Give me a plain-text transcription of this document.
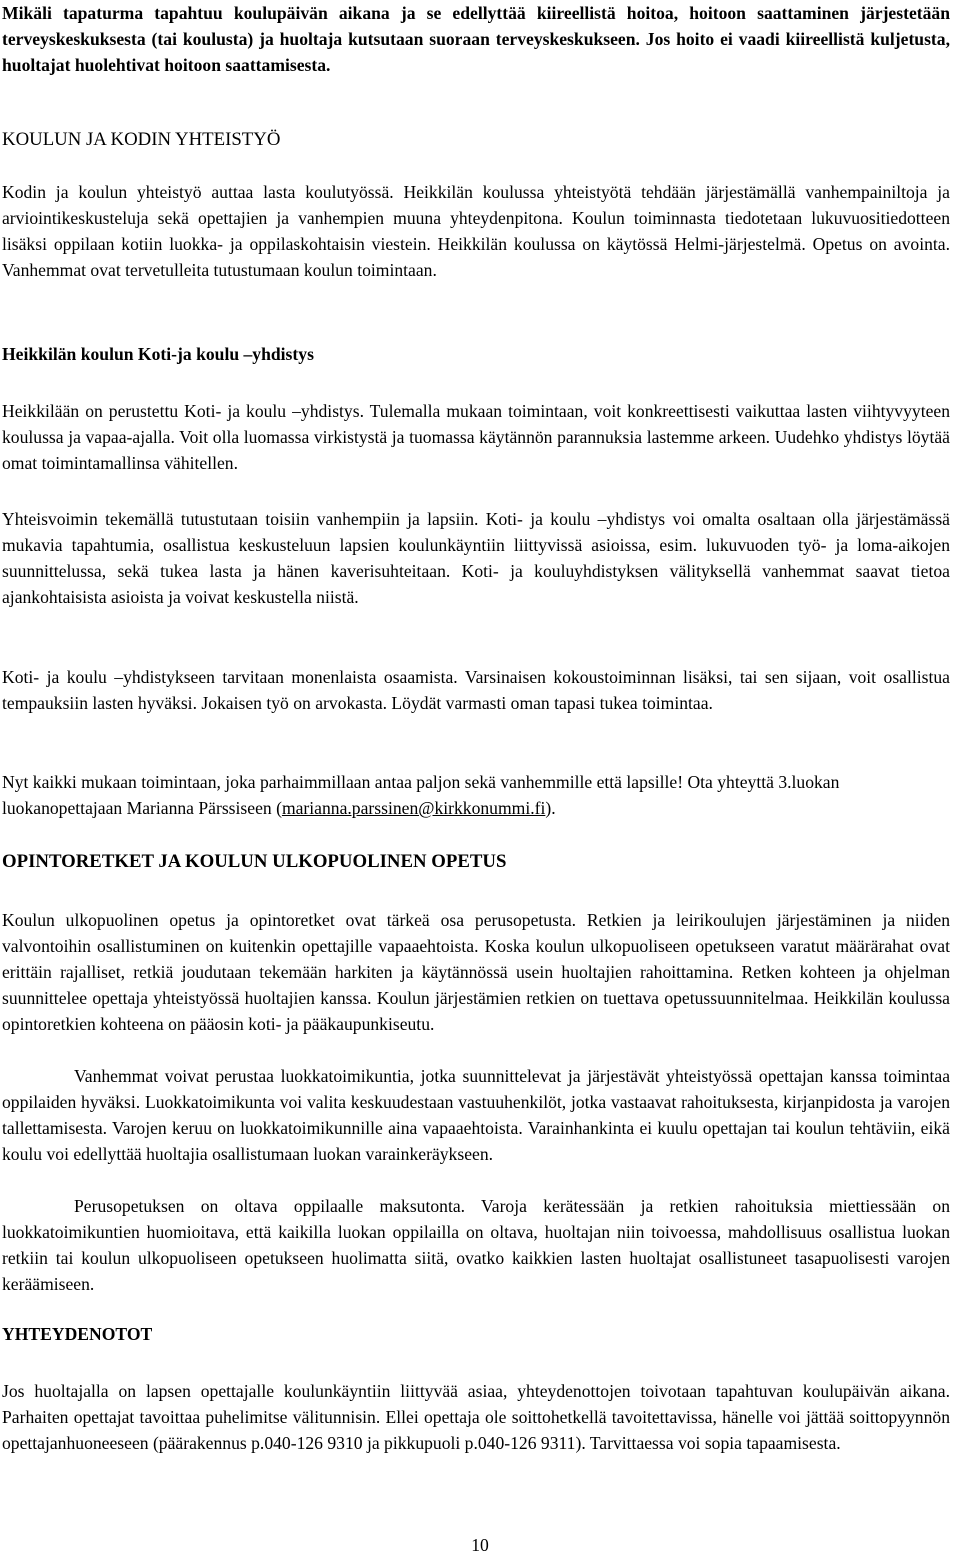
Mikäli tapaturma tapahtuu koulupäivän aikana ja se edellyttää kiireellistä hoitoa, hoitoon saattaminen järjestetään terveyskeskuksesta (tai koulusta) ja huoltaja kutsutaan suoraan terveyskeskukseen. Jos hoito ei vaadi kiireellistä kuljetusta, huoltajat huolehtivat hoitoon saattamisesta.

KOULUN JA KODIN YHTEISTYÖ

Kodin ja koulun yhteistyö auttaa lasta koulutyössä. Heikkilän koulussa yhteistyötä tehdään järjestämällä vanhempainiltoja ja arviointikeskusteluja sekä opettajien ja vanhempien muuna yhteydenpitona. Koulun toiminnasta tiedotetaan lukuvuositiedotteen lisäksi oppilaan kotiin luokka- ja oppilaskohtaisin viestein. Heikkilän koulussa on käytössä Helmi-järjestelmä. Opetus on avointa. Vanhemmat ovat tervetulleita tutustumaan koulun toimintaan.

Heikkilän koulun Koti-ja koulu –yhdistys

Heikkilään on perustettu Koti- ja koulu –yhdistys. Tulemalla mukaan toimintaan, voit konkreettisesti vaikuttaa lasten viihtyvyyteen koulussa ja vapaa-ajalla. Voit olla luomassa virkistystä ja tuomassa käytännön parannuksia lastemme arkeen. Uudehko yhdistys löytää omat toimintamallinsa vähitellen.

Yhteisvoimin tekemällä tutustutaan toisiin vanhempiin ja lapsiin. Koti- ja koulu –yhdistys voi omalta osaltaan olla järjestämässä mukavia tapahtumia, osallistua keskusteluun lapsien koulunkäyntiin liittyvissä asioissa, esim. lukuvuoden työ- ja loma-aikojen suunnittelussa, sekä tukea lasta ja hänen kaverisuhteitaan. Koti- ja kouluyhdistyksen välityksellä vanhemmat saavat tietoa ajankohtaisista asioista ja voivat keskustella niistä.

Koti- ja koulu –yhdistykseen tarvitaan monenlaista osaamista. Varsinaisen kokoustoiminnan lisäksi, tai sen sijaan, voit osallistua tempauksiin lasten hyväksi. Jokaisen työ on arvokasta. Löydät varmasti oman tapasi tukea toimintaa.

Nyt kaikki mukaan toimintaan, joka parhaimmillaan antaa paljon sekä vanhemmille että lapsille! Ota yhteyttä 3.luokan luokanopettajaan Marianna Pärssiseen (marianna.parssinen@kirkkonummi.fi).

OPINTORETKET JA KOULUN ULKOPUOLINEN OPETUS

Koulun ulkopuolinen opetus ja opintoretket ovat tärkeä osa perusopetusta. Retkien ja leirikoulujen järjestäminen ja niiden valvontoihin osallistuminen on kuitenkin opettajille vapaaehtoista. Koska koulun ulkopuoliseen opetukseen varatut määrärahat ovat erittäin rajalliset, retkiä joudutaan tekemään harkiten ja käytännössä usein huoltajien rahoittamina. Retken kohteen ja ohjelman suunnittelee opettaja yhteistyössä huoltajien kanssa. Koulun järjestämien retkien on tuettava opetussuunnitelmaa. Heikkilän koulussa opintoretkien kohteena on pääosin koti- ja pääkaupunkiseutu.

Vanhemmat voivat perustaa luokkatoimikuntia, jotka suunnittelevat ja järjestävät yhteistyössä opettajan kanssa toimintaa oppilaiden hyväksi. Luokkatoimikunta voi valita keskuudestaan vastuuhenkilöt, jotka vastaavat rahoituksesta, kirjanpidosta ja varojen tallettamisesta. Varojen keruu on luokkatoimikunnille aina vapaaehtoista. Varainhankinta ei kuulu opettajan tai koulun tehtäviin, eikä koulu voi edellyttää huoltajia osallistumaan luokan varainkeräykseen.

Perusopetuksen on oltava oppilaalle maksutonta. Varoja kerätessään ja retkien rahoituksia miettiessään on luokkatoimikuntien huomioitava, että kaikilla luokan oppilailla on oltava, huoltajan niin toivoessa, mahdollisuus osallistua luokan retkiin tai koulun ulkopuoliseen opetukseen huolimatta siitä, ovatko kaikkien lasten huoltajat osallistuneet tasapuolisesti varojen keräämiseen.

YHTEYDENOTOT

Jos huoltajalla on lapsen opettajalle koulunkäyntiin liittyvää asiaa, yhteydenottojen toivotaan tapahtuvan koulupäivän aikana. Parhaiten opettajat tavoittaa puhelimitse välitunnisin. Ellei opettaja ole soittohetkellä tavoitettavissa, hänelle voi jättää soittopyynnön opettajanhuoneeseen (päärakennus p.040-126 9310 ja pikkupuoli p.040-126 9311). Tarvittaessa voi sopia tapaamisesta.

10
